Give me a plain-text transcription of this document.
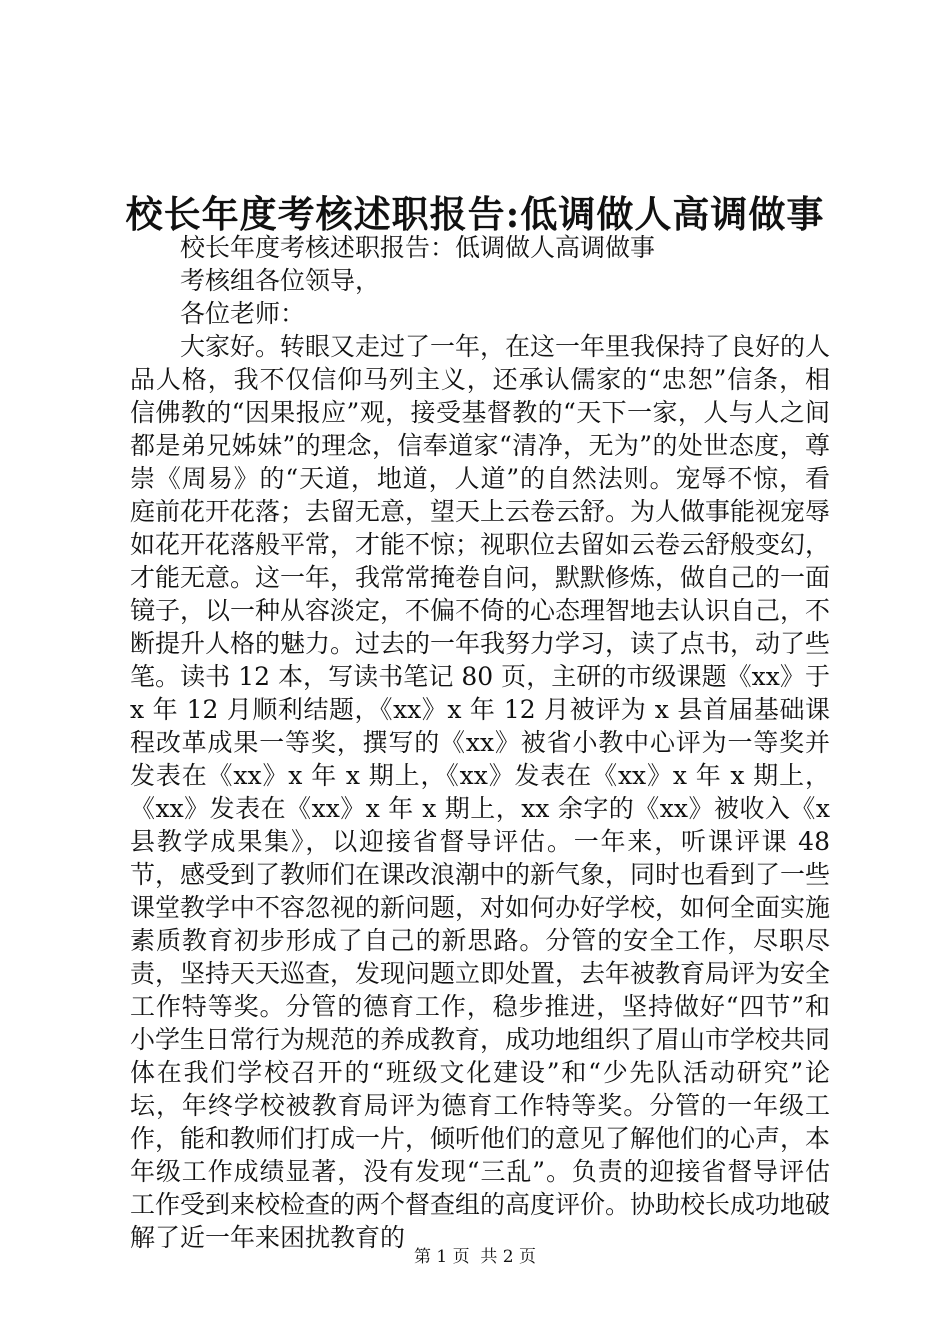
校长年度考核述职报告:低调做人高调做事

校长年度考核述职报告：低调做人高调做事

考核组各位领导，

各位老师：

大家好。转眼又走过了一年，在这一年里我保持了良好的人品人格，我不仅信仰马列主义，还承认儒家的“忠恕”信条，相信佛教的“因果报应”观，接受基督教的“天下一家，人与人之间都是弟兄姊妹”的理念，信奉道家“清净，无为”的处世态度，尊崇《周易》的“天道，地道，人道”的自然法则。宠辱不惊，看庭前花开花落；去留无意，望天上云卷云舒。为人做事能视宠辱如花开花落般平常，才能不惊；视职位去留如云卷云舒般变幻，才能无意。这一年，我常常掩卷自问，默默修炼，做自己的一面镜子，以一种从容淡定，不偏不倚的心态理智地去认识自己，不断提升人格的魅力。过去的一年我努力学习，读了点书，动了些笔。读书 12 本，写读书笔记 80 页，主研的市级课题《xx》于 x 年 12 月顺利结题，《xx》x 年 12 月被评为 x 县首届基础课程改革成果一等奖，撰写的《xx》被省小教中心评为一等奖并发表在《xx》x 年 x 期上，《xx》发表在《xx》x 年 x 期上，《xx》发表在《xx》x 年 x 期上，xx 余字的《xx》被收入《x 县教学成果集》，以迎接省督导评估。一年来，听课评课 48 节，感受到了教师们在课改浪潮中的新气象，同时也看到了一些课堂教学中不容忽视的新问题，对如何办好学校，如何全面实施素质教育初步形成了自己的新思路。分管的安全工作，尽职尽责，坚持天天巡查，发现问题立即处置，去年被教育局评为安全工作特等奖。分管的德育工作，稳步推进，坚持做好“四节”和小学生日常行为规范的养成教育，成功地组织了眉山市学校共同体在我们学校召开的“班级文化建设”和“少先队活动研究”论坛，年终学校被教育局评为德育工作特等奖。分管的一年级工作，能和教师们打成一片，倾听他们的意见了解他们的心声，本年级工作成绩显著，没有发现“三乱”。负责的迎接省督导评估工作受到来校检查的两个督查组的高度评价。协助校长成功地破解了近一年来困扰教育的

第 1 页  共 2 页
